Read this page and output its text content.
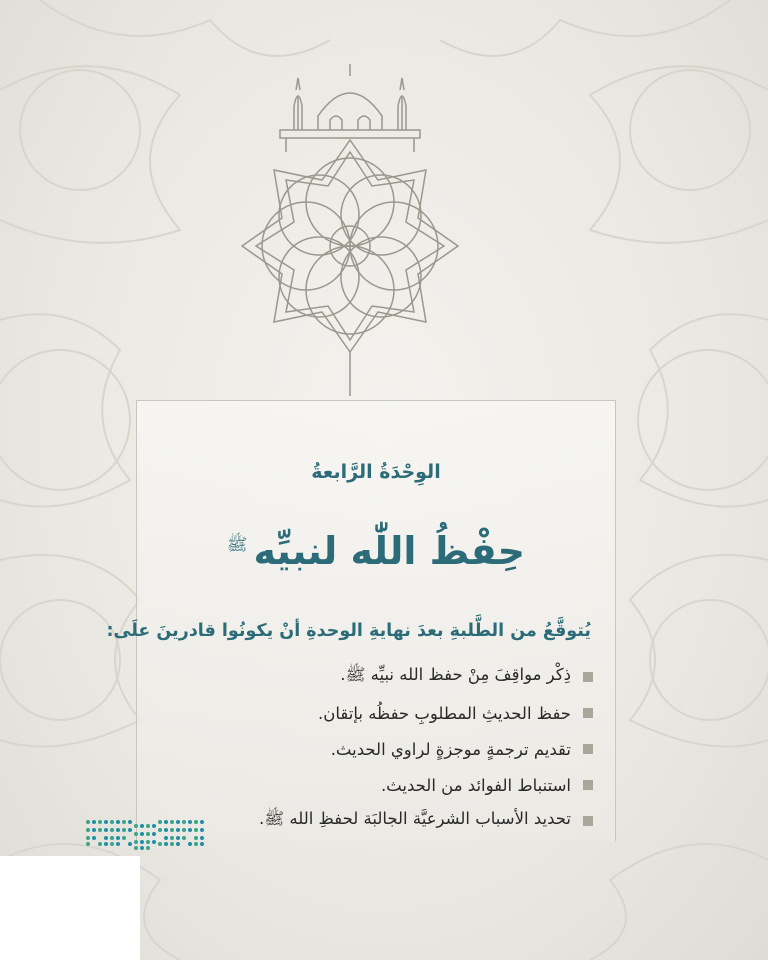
الوِحْدَةُ الرَّابعةُ
حِفْظُ اللّٰه لنبيِّه$^ﷺ$
يُتوقَّعُ من الطَّلبةِ بعدَ نهايةِ الوحدةِ أنْ يكونُوا قادرينَ علَى:
ذِكْر مواقِفَ مِنْ حفظ الله نبيِّه ﷺ.
حفظ الحديثِ المطلوبِ حفظُه بإتقان.
تقديم ترجمةٍ موجزةٍ لراوي الحديث.
استنباط الفوائد من الحديث.
تحديد الأسباب الشرعيَّة الجالبَة لحفظِ الله ﷺ.
